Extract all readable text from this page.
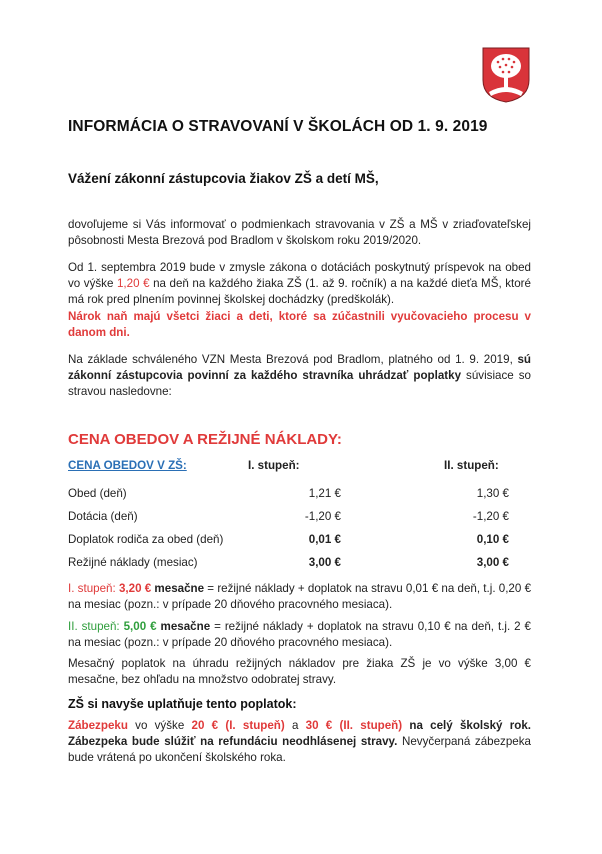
INFORMÁCIA O STRAVOVANÍ V ŠKOLÁCH OD 1. 9. 2019
Vážení zákonní zástupcovia žiakov ZŠ a detí MŠ,
dovoľujeme si Vás informovať o podmienkach stravovania v ZŠ a MŠ v zriaďovateľskej pôsobnosti Mesta Brezová pod Bradlom v školskom roku 2019/2020.
Od 1. septembra 2019 bude v zmysle zákona o dotáciách poskytnutý príspevok na obed vo výške 1,20 € na deň na každého žiaka ZŠ (1. až 9. ročník) a na každé dieťa MŠ, ktoré má rok pred plnením povinnej školskej dochádzky (predškolák).
Nárok naň majú všetci žiaci a deti, ktoré sa zúčastnili vyučovacieho procesu v danom dni.
Na základe schváleného VZN Mesta Brezová pod Bradlom, platného od 1. 9. 2019, sú zákonní zástupcovia povinní za každého stravníka uhrádzať poplatky súvisiace so stravou nasledovne:
CENA OBEDOV A REŽIJNÉ NÁKLADY:
CENA OBEDOV V ZŠ:	I. stupeň:	II. stupeň:
Obed (deň)	1,21 €	1,30 €
Dotácia (deň)	-1,20 €	-1,20 €
Doplatok rodiča za obed (deň)	0,01 €	0,10 €
Režijné náklady (mesiac)	3,00 €	3,00 €
I. stupeň: 3,20 € mesačne = režijné náklady + doplatok na stravu 0,01 € na deň, t.j. 0,20 € na mesiac (pozn.: v prípade 20 dňového pracovného mesiaca).
II. stupeň: 5,00 € mesačne = režijné náklady + doplatok na stravu 0,10 € na deň, t.j. 2 € na mesiac (pozn.: v prípade 20 dňového pracovného mesiaca).
Mesačný poplatok na úhradu režijných nákladov pre žiaka ZŠ je vo výške 3,00 € mesačne, bez ohľadu na množstvo odobratej stravy.
ZŠ si navyše uplatňuje tento poplatok:
Zábezpeku vo výške 20 € (I. stupeň) a 30 € (II. stupeň) na celý školský rok. Zábezpeka bude slúžiť na refundáciu neodhlásenej stravy. Nevyčerpaná zábezpeka bude vrátená po ukončení školského roka.
